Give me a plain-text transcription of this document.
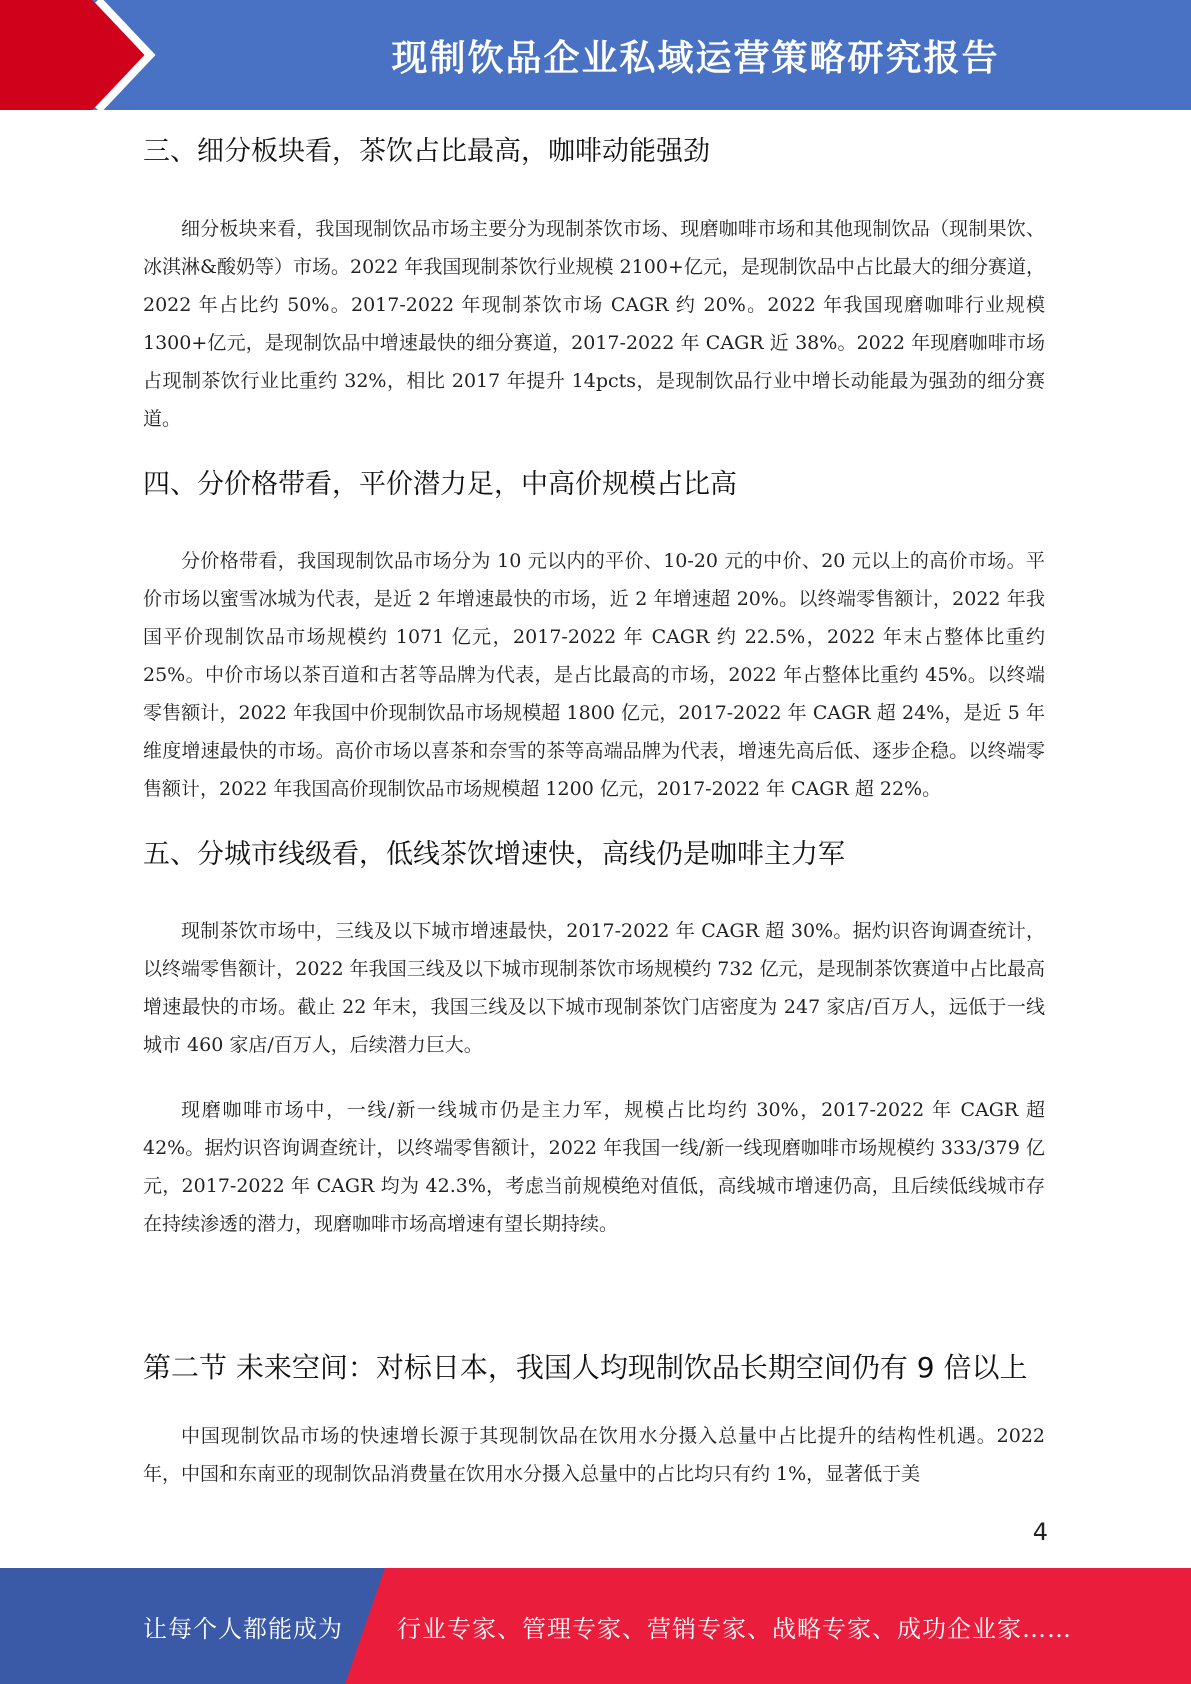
现制饮品企业私域运营策略研究报告
三、细分板块看，茶饮占比最高，咖啡动能强劲

细分板块来看，我国现制饮品市场主要分为现制茶饮市场、现磨咖啡市场和其他现制饮品（现制果饮、冰淇淋&酸奶等）市场。2022 年我国现制茶饮行业规模 2100+亿元，是现制饮品中占比最大的细分赛道，2022 年占比约 50%。2017-2022 年现制茶饮市场 CAGR 约 20%。2022 年我国现磨咖啡行业规模 1300+亿元，是现制饮品中增速最快的细分赛道，2017-2022 年 CAGR 近 38%。2022 年现磨咖啡市场占现制茶饮行业比重约 32%，相比 2017 年提升 14pcts，是现制饮品行业中增长动能最为强劲的细分赛道。

四、分价格带看，平价潜力足，中高价规模占比高

分价格带看，我国现制饮品市场分为 10 元以内的平价、10-20 元的中价、20 元以上的高价市场。平价市场以蜜雪冰城为代表，是近 2 年增速最快的市场，近 2 年增速超 20%。以终端零售额计，2022 年我国平价现制饮品市场规模约 1071 亿元，2017-2022 年 CAGR 约 22.5%，2022 年末占整体比重约 25%。中价市场以茶百道和古茗等品牌为代表，是占比最高的市场，2022 年占整体比重约 45%。以终端零售额计，2022 年我国中价现制饮品市场规模超 1800 亿元，2017-2022 年 CAGR 超 24%，是近 5 年维度增速最快的市场。高价市场以喜茶和奈雪的茶等高端品牌为代表，增速先高后低、逐步企稳。以终端零售额计，2022 年我国高价现制饮品市场规模超 1200 亿元，2017-2022 年 CAGR 超 22%。

五、分城市线级看，低线茶饮增速快，高线仍是咖啡主力军

现制茶饮市场中，三线及以下城市增速最快，2017-2022 年 CAGR 超 30%。据灼识咨询调查统计，以终端零售额计，2022 年我国三线及以下城市现制茶饮市场规模约 732 亿元，是现制茶饮赛道中占比最高增速最快的市场。截止 22 年末，我国三线及以下城市现制茶饮门店密度为 247 家店/百万人，远低于一线城市 460 家店/百万人，后续潜力巨大。

现磨咖啡市场中，一线/新一线城市仍是主力军，规模占比均约 30%，2017-2022 年 CAGR 超 42%。据灼识咨询调查统计，以终端零售额计，2022 年我国一线/新一线现磨咖啡市场规模约 333/379 亿元，2017-2022 年 CAGR 均为 42.3%，考虑当前规模绝对值低，高线城市增速仍高，且后续低线城市存在持续渗透的潜力，现磨咖啡市场高增速有望长期持续。

第二节 未来空间：对标日本，我国人均现制饮品长期空间仍有 9 倍以上

中国现制饮品市场的快速增长源于其现制饮品在饮用水分摄入总量中占比提升的结构性机遇。2022 年，中国和东南亚的现制饮品消费量在饮用水分摄入总量中的占比均只有约 1%，显著低于美

4
让每个人都能成为 行业专家、管理专家、营销专家、战略专家、成功企业家……
